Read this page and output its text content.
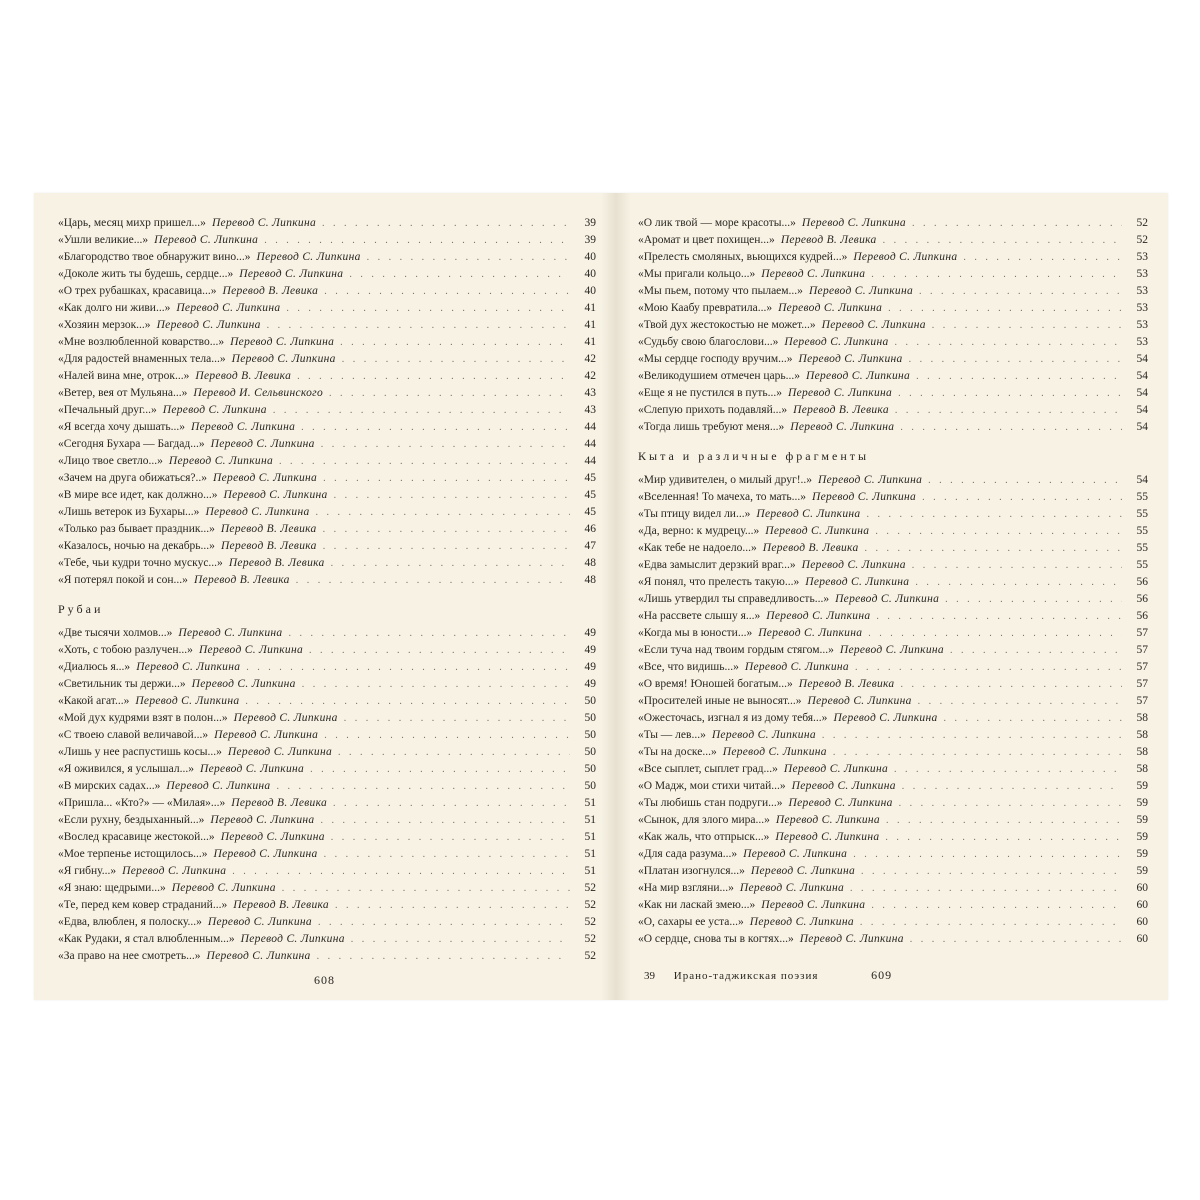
«Царь, месяц михр пришел...» Перевод С. Липкина . . .	39
«Ушли великие...» Перевод С. Липкина . . .	39
«Благородство твое обнаружит вино...» Перевод С. Липкина . . .	40
«Доколе жить ты будешь, сердце...» Перевод С. Липкина . . .	40
«О трех рубашках, красавица...» Перевод В. Левика . . .	40
«Как долго ни живи...» Перевод С. Липкина . . .	41
«Хозяин мерзок...» Перевод С. Липкина . . .	41
«Мне возлюбленной коварство...» Перевод С. Липкина . . .	41
«Для радостей внаменных тела...» Перевод С. Липкина . . .	42
«Налей вина мне, отрок...» Перевод В. Левика . . .	42
«Ветер, вея от Мульяна...» Перевод И. Сельвинского . . .	43
«Печальный друг...» Перевод С. Липкина . . .	43
«Я всегда хочу дышать...» Перевод С. Липкина . . .	44
«Сегодня Бухара — Багдад...» Перевод С. Липкина . . .	44
«Лицо твое светло...» Перевод С. Липкина . . .	44
«Зачем на друга обижаться?..» Перевод С. Липкина . . .	45
«В мире все идет, как должно...» Перевод С. Липкина . . .	45
«Лишь ветерок из Бухары...» Перевод С. Липкина . . .	45
«Только раз бывает праздник...» Перевод В. Левика . . .	46
«Казалось, ночью на декабрь...» Перевод В. Левика . . .	47
«Тебе, чьи кудри точно мускус...» Перевод В. Левика . . .	48
«Я потерял покой и сон...» Перевод В. Левика . . .	48
Рубаи
«Две тысячи холмов...» Перевод С. Липкина . . .	49
«Хоть, с тобою разлучен...» Перевод С. Липкина . . .	49
«Диалюсь я...» Перевод С. Липкина . . .	49
«Светильник ты держи...» Перевод С. Липкина . . .	49
«Какой агат...» Перевод С. Липкина . . .	50
«Мой дух кудрями взят в полон...» Перевод С. Липкина . . .	50
«С твоею славой величавой...» Перевод С. Липкина . . .	50
«Лишь у нее распустишь косы...» Перевод С. Липкина . . .	50
«Я оживился, я услышал...» Перевод С. Липкина . . .	50
«В мирских садах...» Перевод С. Липкина . . .	50
«Пришла... «Кто?» — «Милая»...» Перевод В. Левика . . .	51
«Если рухну, бездыханный...» Перевод С. Липкина . . .	51
«Вослед красавице жестокой...» Перевод С. Липкина . . .	51
«Мое терпенье истощилось...» Перевод С. Липкина . . .	51
«Я гибну...» Перевод С. Липкина . . .	51
«Я знаю: щедрыми...» Перевод С. Липкина . . .	52
«Те, перед кем ковер страданий...» Перевод В. Левика . . .	52
«Едва, влюблен, я полоску...» Перевод С. Липкина . . .	52
«Как Рудаки, я стал влюбленным...» Перевод С. Липкина . . .	52
«За право на нее смотреть...» Перевод С. Липкина . . .	52
«О лик твой — море красоты...» Перевод С. Липкина . . .	52
«Аромат и цвет похищен...» Перевод В. Левика . . .	52
«Прелесть смоляных, вьющихся кудрей...» Перевод С. Липкина . . .	53
«Мы пригали кольцо...» Перевод С. Липкина . . .	53
«Мы пьем, потому что пылаем...» Перевод С. Липкина . . .	53
«Мою Каабу превратила...» Перевод С. Липкина . . .	53
«Твой дух жестокостью не может...» Перевод С. Липкина . . .	53
«Судьбу свою благослови...» Перевод С. Липкина . . .	53
«Мы сердце господу вручим...» Перевод С. Липкина . . .	54
«Великодушием отмечен царь...» Перевод С. Липкина . . .	54
«Еще я не пустился в путь...» Перевод С. Липкина . . .	54
«Слепую прихоть подавляй...» Перевод В. Левика . . .	54
«Тогда лишь требуют меня...» Перевод С. Липкина . . .	54
Кыта и различные фрагменты
«Мир удивителен, о милый друг!..» Перевод С. Липкина . . .	54
«Вселенная! То мачеха, то мать...» Перевод С. Липкина . . .	55
«Ты птицу видел ли...» Перевод С. Липкина . . .	55
«Да, верно: к мудрецу...» Перевод С. Липкина . . .	55
«Как тебе не надоело...» Перевод В. Левика . . .	55
«Едва замыслит дерзкий враг...» Перевод С. Липкина . . .	55
«Я понял, что прелесть такую...» Перевод С. Липкина . . .	56
«Лишь утвердил ты справедливость...» Перевод С. Липкина . . .	56
«На рассвете слышу я...» Перевод С. Липкина . . .	56
«Когда мы в юности...» Перевод С. Липкина . . .	57
«Если туча над твоим гордым стягом...» Перевод С. Липкина . . .	57
«Все, что видишь...» Перевод С. Липкина . . .	57
«О время! Юношей богатым...» Перевод В. Левика . . .	57
«Просителей иные не выносят...» Перевод С. Липкина . . .	57
«Ожесточась, изгнал я из дому тебя...» Перевод С. Липкина . . .	58
«Ты — лев...» Перевод С. Липкина . . .	58
«Ты на доске...» Перевод С. Липкина . . .	58
«Все сыплет, сыплет град...» Перевод С. Липкина . . .	58
«О Мадж, мои стихи читай...» Перевод С. Липкина . . .	59
«Ты любишь стан подруги...» Перевод С. Липкина . . .	59
«Сынок, для злого мира...» Перевод С. Липкина . . .	59
«Как жаль, что отпрыск...» Перевод С. Липкина . . .	59
«Для сада разума...» Перевод С. Липкина . . .	59
«Платан изогнулся...» Перевод С. Липкина . . .	59
«На мир взгляни...» Перевод С. Липкина . . .	60
«Как ни ласкай змею...» Перевод С. Липкина . . .	60
«О, сахары ее уста...» Перевод С. Липкина . . .	60
«О сердце, снова ты в когтях...» Перевод С. Липкина . . .	60
608	39 Ирано-таджикская поэзия	609
